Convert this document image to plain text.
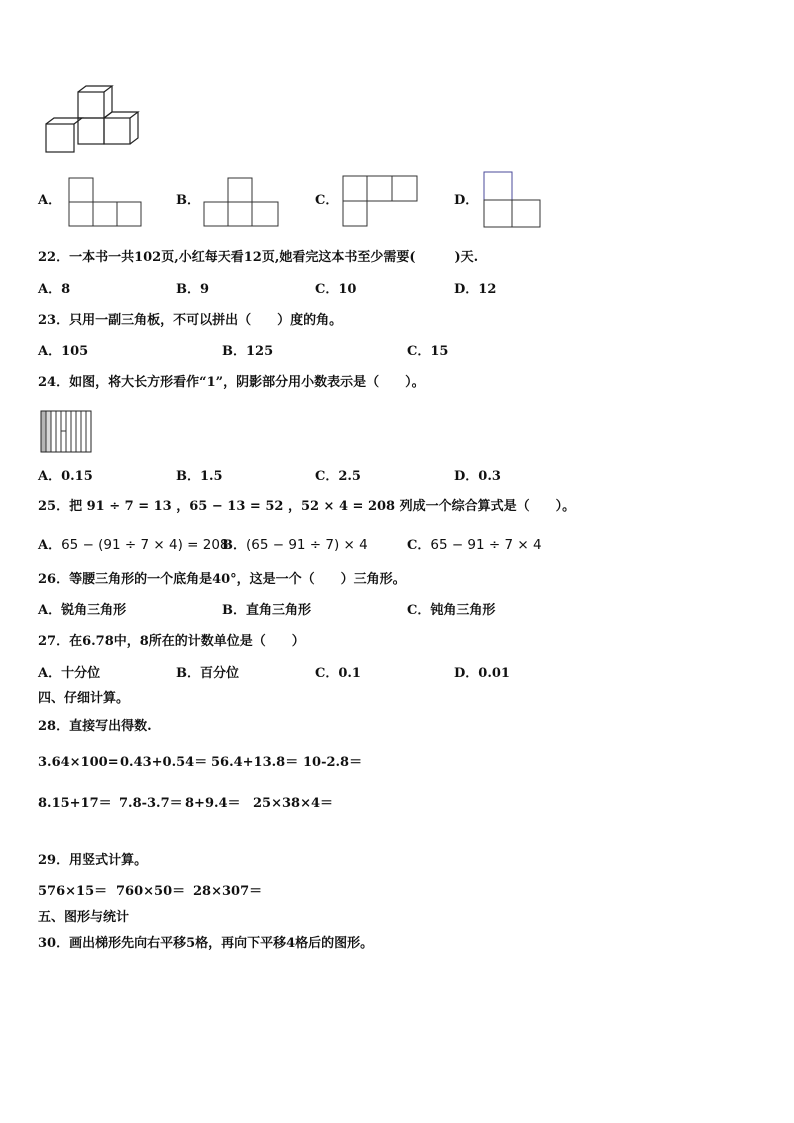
A．	B．	C．	D．
22．一本书一共102页,小红每天看12页,她看完这本书至少需要(　　　)天.
A．8	B．9	C．10	D．12
23．只用一副三角板，不可以拼出（　　）度的角。
A．105	B．125	C．15
24．如图，将大长方形看作“1”，阴影部分用小数表示是（　　）。
A．0.15	B．1.5	C．2.5	D．0.3
25．把 91 ÷ 7 = 13 ，65 − 13 = 52 ，52 × 4 = 208 列成一个综合算式是（　　）。
A．65 − (91 ÷ 7 × 4) = 208
B．(65 − 91 ÷ 7) × 4	C．65 − 91 ÷ 7 × 4
26．等腰三角形的一个底角是40°，这是一个（　　）三角形。
A．锐角三角形	B．直角三角形	C．钝角三角形
27．在6.78中，8所在的计数单位是（　　）
A．十分位	B．百分位	C．0.1	D．0.01
四、仔细计算。
28．直接写出得数.
3.64×100= 0.43+0.54＝ 56.4+13.8＝ 10-2.8＝
8.15+17＝ 7.8-3.7＝ 8+9.4＝ 25×38×4＝
29．用竖式计算。
576×15＝ 760×50＝ 28×307＝
五、图形与统计
30．画出梯形先向右平移5格，再向下平移4格后的图形。
